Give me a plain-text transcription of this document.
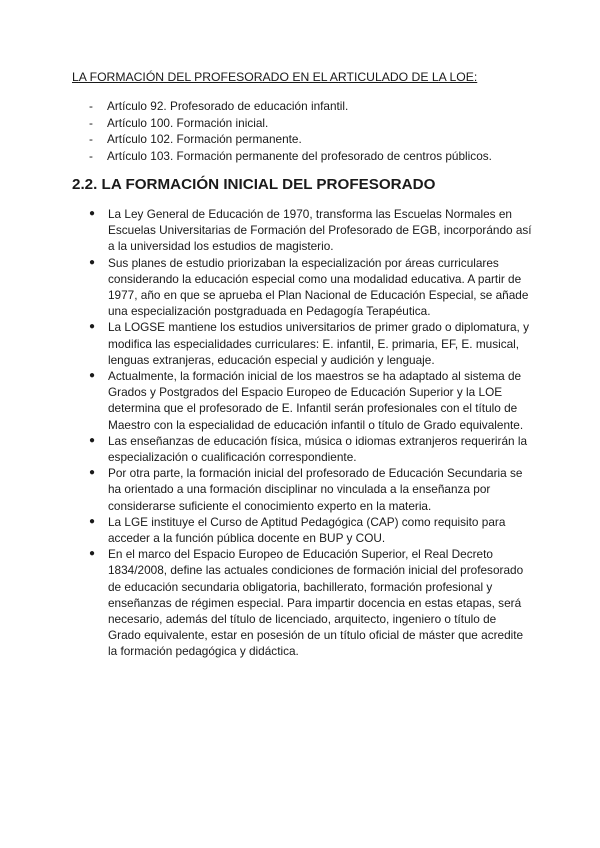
LA FORMACIÓN DEL PROFESORADO EN EL ARTICULADO DE LA LOE:
- Artículo 92. Profesorado de educación infantil.
- Artículo 100. Formación inicial.
- Artículo 102. Formación permanente.
- Artículo 103. Formación permanente del profesorado de centros públicos.
2.2. LA FORMACIÓN INICIAL DEL PROFESORADO
● La Ley General de Educación de 1970, transforma las Escuelas Normales en Escuelas Universitarias de Formación del Profesorado de EGB, incorporándo así a la universidad los estudios de magisterio.
● Sus planes de estudio priorizaban la especialización por áreas curriculares considerando la educación especial como una modalidad educativa. A partir de 1977, año en que se aprueba el Plan Nacional de Educación Especial, se añade una especialización postgraduada en Pedagogía Terapéutica.
● La LOGSE mantiene los estudios universitarios de primer grado o diplomatura, y modifica las especialidades curriculares: E. infantil, E. primaria, EF, E. musical, lenguas extranjeras, educación especial y audición y lenguaje.
● Actualmente, la formación inicial de los maestros se ha adaptado al sistema de Grados y Postgrados del Espacio Europeo de Educación Superior y la LOE determina que el profesorado de E. Infantil serán profesionales con el título de Maestro con la especialidad de educación infantil o título de Grado equivalente.
● Las enseñanzas de educación física, música o idiomas extranjeros requerirán la especialización o cualificación correspondiente.
● Por otra parte, la formación inicial del profesorado de Educación Secundaria se ha orientado a una formación disciplinar no vinculada a la enseñanza por considerarse suficiente el conocimiento experto en la materia.
● La LGE instituye el Curso de Aptitud Pedagógica (CAP) como requisito para acceder a la función pública docente en BUP y COU.
● En el marco del Espacio Europeo de Educación Superior, el Real Decreto 1834/2008, define las actuales condiciones de formación inicial del profesorado de educación secundaria obligatoria, bachillerato, formación profesional y enseñanzas de régimen especial. Para impartir docencia en estas etapas, será necesario, además del título de licenciado, arquitecto, ingeniero o título de Grado equivalente, estar en posesión de un título oficial de máster que acredite la formación pedagógica y didáctica.
